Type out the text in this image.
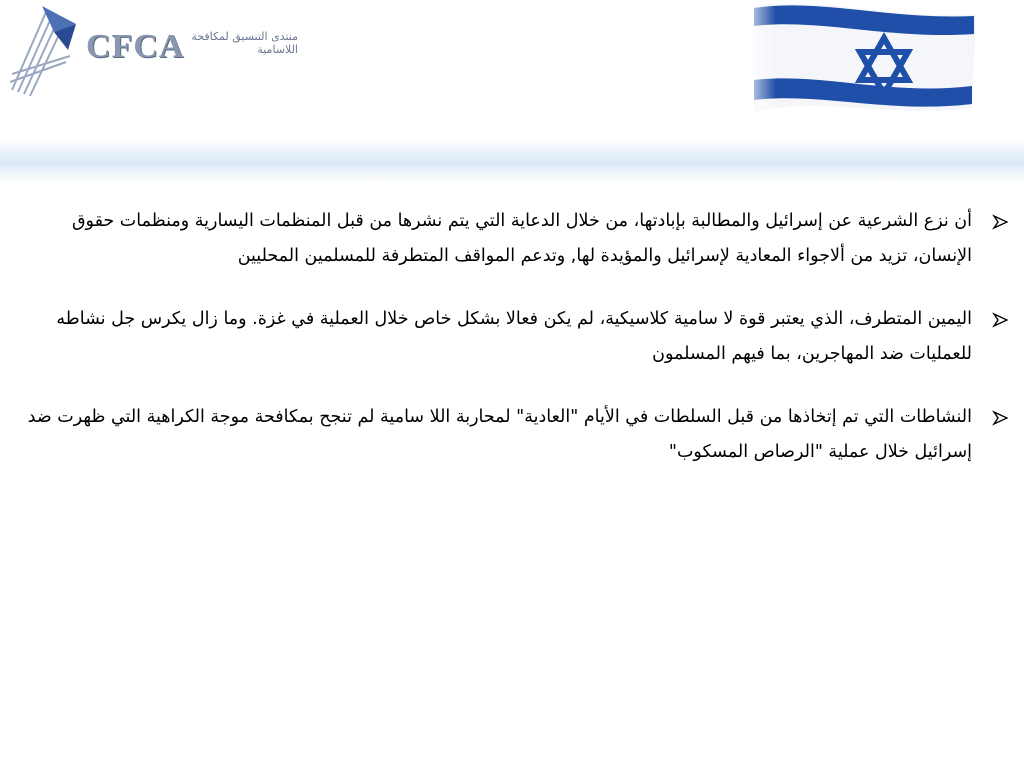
CFCA منتدى التنسيق لمكافحة اللاسامية
أن نزع الشرعية عن إسرائيل والمطالبة بإبادتها، من خلال الدعاية التي يتم نشرها من قبل المنظمات اليسارية ومنظمات حقوق الإنسان، تزيد من ألاجواء المعادية لإسرائيل والمؤيدة لها, وتدعم المواقف المتطرفة للمسلمين المحليين
اليمين المتطرف، الذي يعتبر قوة لا سامية كلاسيكية، لم يكن فعالا بشكل خاص خلال العملية في غزة. وما زال يكرس جل نشاطه للعمليات ضد المهاجرين، بما فيهم المسلمون
النشاطات التي تم إتخاذها من قبل السلطات في الأيام "العادية" لمحاربة اللا سامية لم تنجح بمكافحة موجة الكراهية التي ظهرت ضد إسرائيل خلال عملية "الرصاص المسكوب"
